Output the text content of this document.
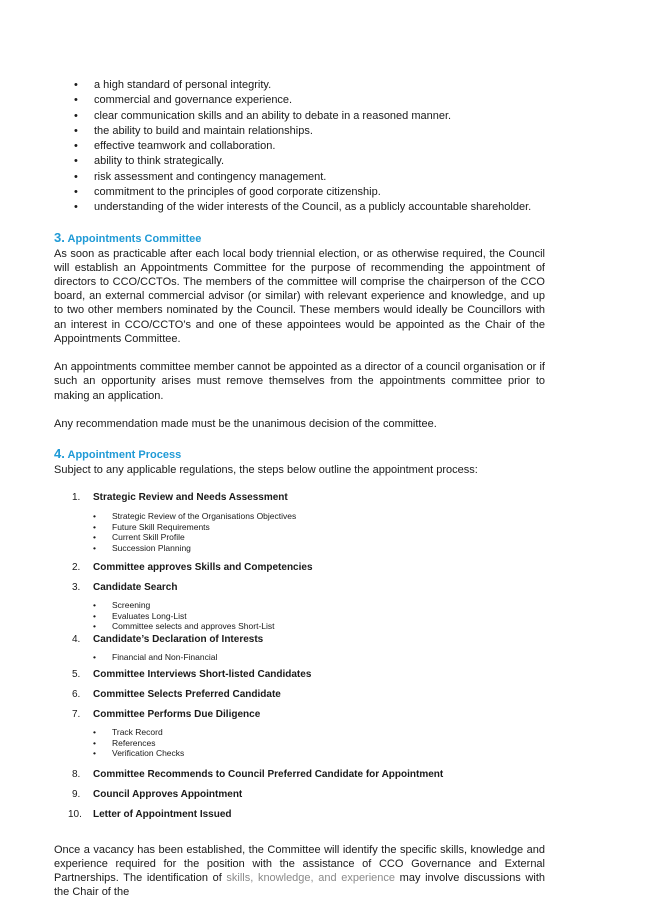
• a high standard of personal integrity.
• commercial and governance experience.
• clear communication skills and an ability to debate in a reasoned manner.
• the ability to build and maintain relationships.
• effective teamwork and collaboration.
• ability to think strategically.
• risk assessment and contingency management.
• commitment to the principles of good corporate citizenship.
• understanding of the wider interests of the Council, as a publicly accountable shareholder.
3. Appointments Committee

As soon as practicable after each local body triennial election, or as otherwise required, the Council will establish an Appointments Committee for the purpose of recommending the appointment of directors to CCO/CCTOs. The members of the committee will comprise the chairperson of the CCO board, an external commercial advisor (or similar) with relevant experience and knowledge, and up to two other members nominated by the Council. These members would ideally be Councillors with an interest in CCO/CCTO’s and one of these appointees would be appointed as the Chair of the Appointments Committee.

An appointments committee member cannot be appointed as a director of a council organisation or if such an opportunity arises must remove themselves from the appointments committee prior to making an application.

Any recommendation made must be the unanimous decision of the committee.

4. Appointment Process

Subject to any applicable regulations, the steps below outline the appointment process:

1. Strategic Review and Needs Assessment
• Strategic Review of the Organisations Objectives
• Future Skill Requirements
• Current Skill Profile
• Succession Planning
2. Committee approves Skills and Competencies
3. Candidate Search
• Screening
• Evaluates Long-List
• Committee selects and approves Short-List
4. Candidate’s Declaration of Interests
• Financial and Non-Financial
5. Committee Interviews Short-listed Candidates
6. Committee Selects Preferred Candidate
7. Committee Performs Due Diligence
• Track Record
• References
• Verification Checks
8. Committee Recommends to Council Preferred Candidate for Appointment
9. Council Approves Appointment
10. Letter of Appointment Issued

Once a vacancy has been established, the Committee will identify the specific skills, knowledge and experience required for the position with the assistance of CCO Governance and External Partnerships. The identification of skills, knowledge, and experience may involve discussions with the Chair of the
